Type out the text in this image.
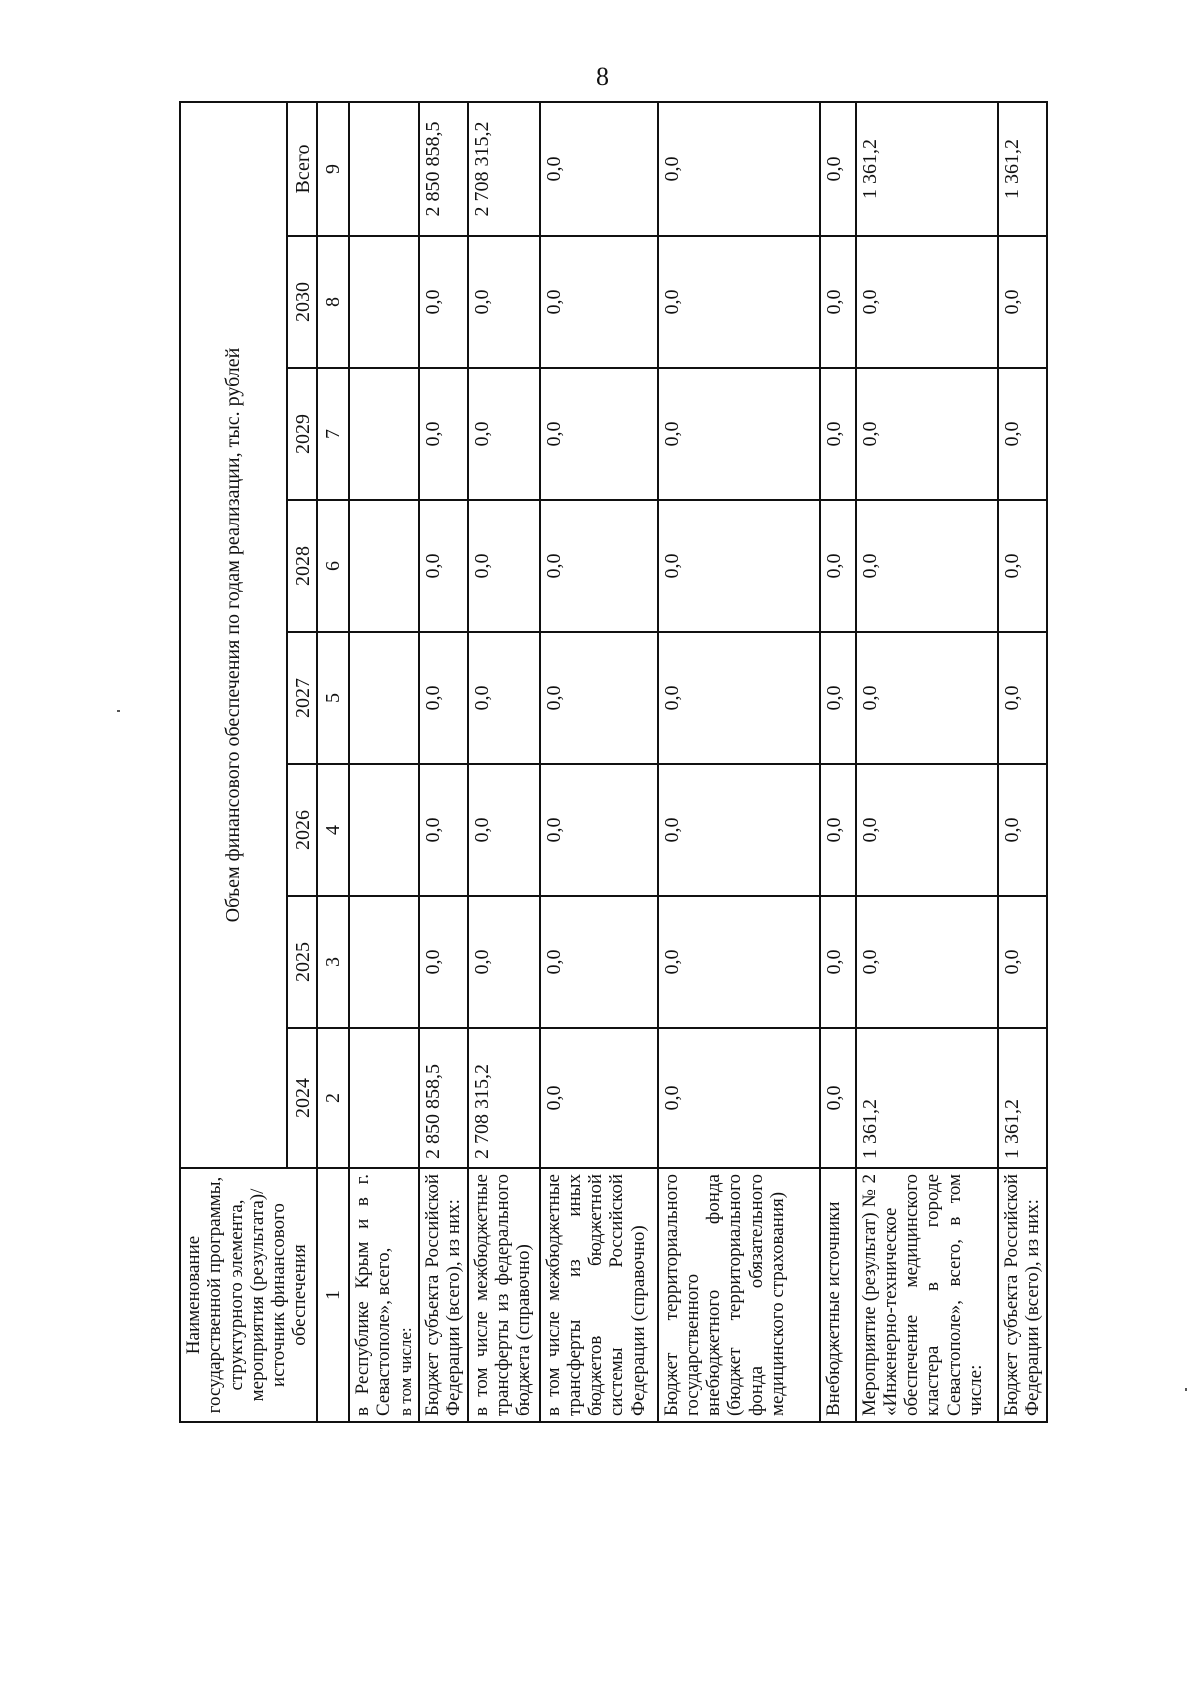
8
Наименование государственной программы, структурного элемента, мероприятия (результата)/источник финансового обеспечения	Объем финансового обеспечения по годам реализации, тыс. рублей							
	2024	2025	2026	2027	2028	2029	2030	Всего
1	2	3	4	5	6	7	8	9
в Республике Крым и в г. Севастополе», всего,
в том числе:								
Бюджет субъекта Российской Федерации (всего), из них:	2 850 858,5	0,0	0,0	0,0	0,0	0,0	0,0	2 850 858,5
в том числе межбюджетные трансферты из федерального бюджета (справочно)	2 708 315,2	0,0	0,0	0,0	0,0	0,0	0,0	2 708 315,2
в том числе межбюджетные трансферты из иных бюджетов бюджетной системы Российской Федерации (справочно)	0,0	0,0	0,0	0,0	0,0	0,0	0,0	0,0
Бюджет территориального государственного внебюджетного фонда (бюджет территориального фонда обязательного медицинского страхования)	0,0	0,0	0,0	0,0	0,0	0,0	0,0	0,0
Внебюджетные источники	0,0	0,0	0,0	0,0	0,0	0,0	0,0	0,0
Мероприятие (результат) № 2 «Инженерно-техническое обеспечение медицинского кластера в городе Севастополе», всего, в том числе:	1 361,2	0,0	0,0	0,0	0,0	0,0	0,0	1 361,2
Бюджет субъекта Российской Федерации (всего), из них:	1 361,2	0,0	0,0	0,0	0,0	0,0	0,0	1 361,2
